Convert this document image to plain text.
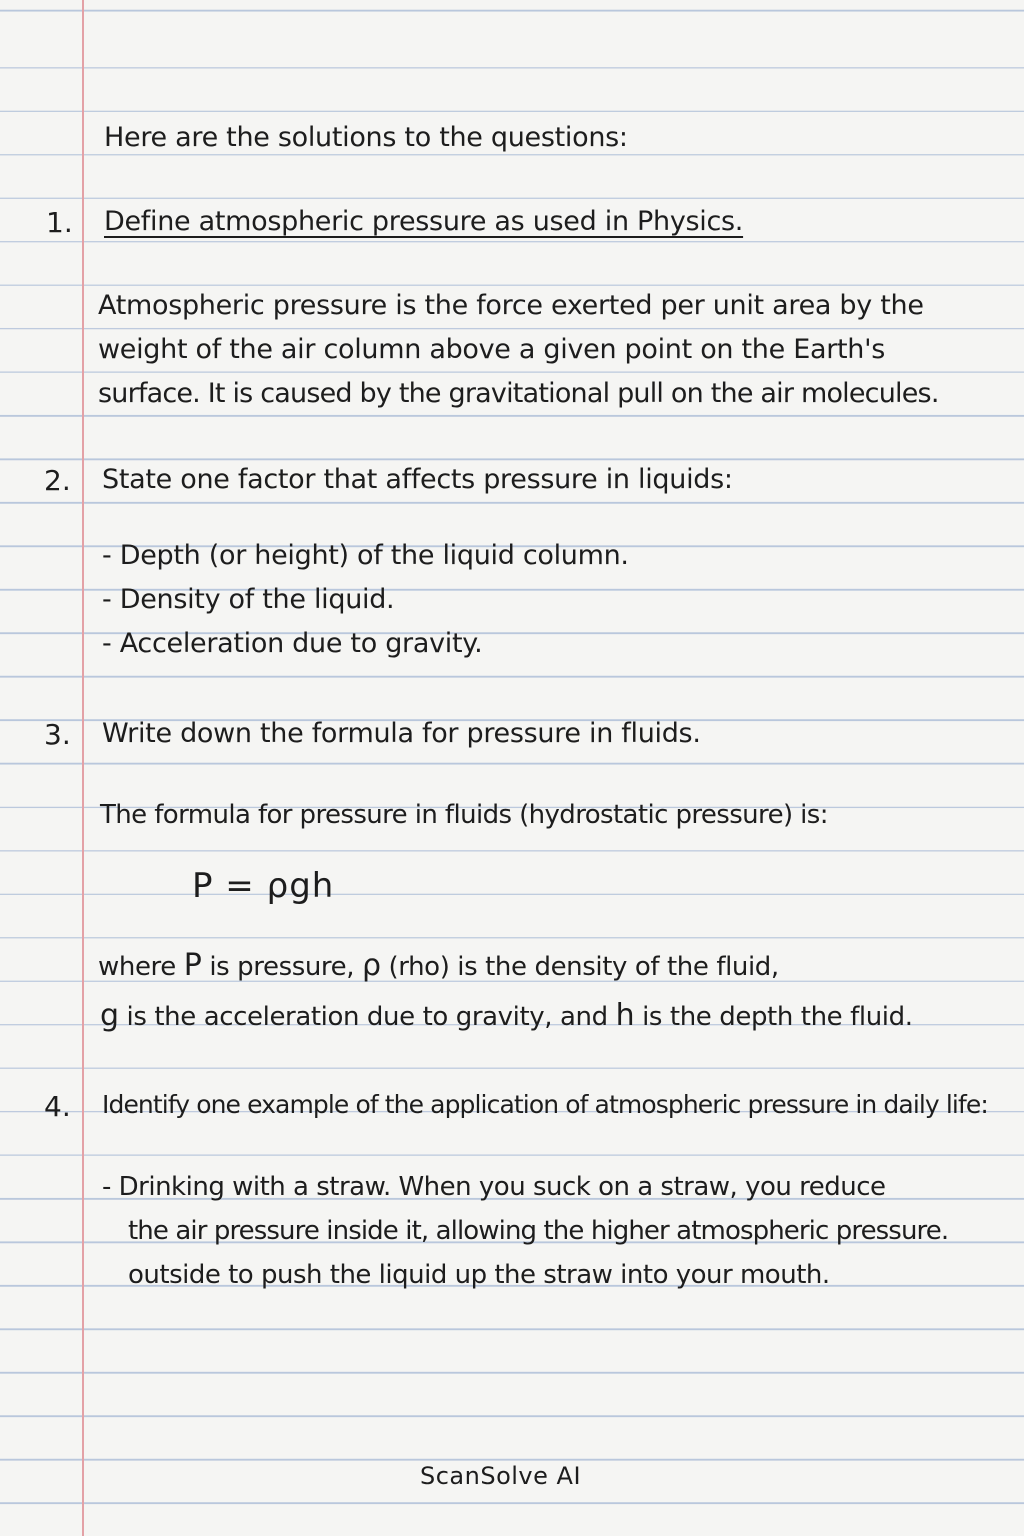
Here are the solutions to the questions:
1. Define atmospheric pressure as used in Physics.
Atmospheric pressure is the force exerted per unit area by the
weight of the air column above a given point on the Earth's
surface. It is caused by the gravitational pull on the air molecules.
2. State one factor that affects pressure in liquids:
- Depth (or height) of the liquid column.
- Density of the liquid.
- Acceleration due to gravity.
3. Write down the formula for pressure in fluids.
The formula for pressure in fluids (hydrostatic pressure) is:
P = ρgh
where P is pressure, ρ (rho) is the density of the fluid,
g is the acceleration due to gravity, and h is the depth the fluid.
4. Identify one example of the application of atmospheric pressure in daily life:
- Drinking with a straw. When you suck on a straw, you reduce
the air pressure inside it, allowing the higher atmospheric pressure.
outside to push the liquid up the straw into your mouth.
ScanSolve AI
